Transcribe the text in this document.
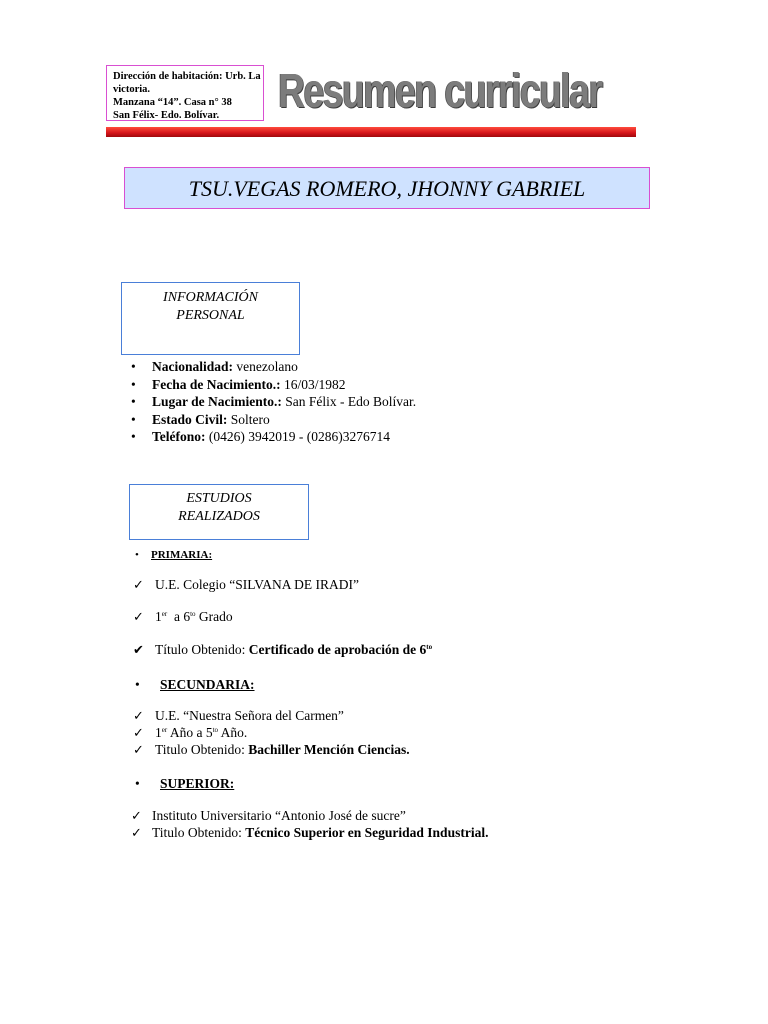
Dirección de habitación: Urb. La
victoria.
Manzana “14”. Casa n° 38
San Félix- Edo. Bolívar.	Resumen curricular
TSU.VEGAS ROMERO, JHONNY GABRIEL
INFORMACIÓN
PERSONAL
• Nacionalidad: venezolano
• Fecha de Nacimiento.: 16/03/1982
• Lugar de Nacimiento.: San Félix - Edo Bolívar.
• Estado Civil: Soltero
• Teléfono: (0426) 3942019 - (0286)3276714
ESTUDIOS
REALIZADOS
• PRIMARIA:
✓ U.E. Colegio “SILVANA DE IRADI”
✓ 1er  a $6^{to}$ Grado
✔ Título Obtenido: Certificado de aprobación de $6^{to}$
• SECUNDARIA:
✓ U.E. “Nuestra Señora del Carmen”
✓ 1er Año a $5^{to}$ Año.
✓ Titulo Obtenido: Bachiller Mención Ciencias.
• SUPERIOR:
✓ Instituto Universitario “Antonio José de sucre”
✓ Titulo Obtenido: Técnico Superior en Seguridad Industrial.
